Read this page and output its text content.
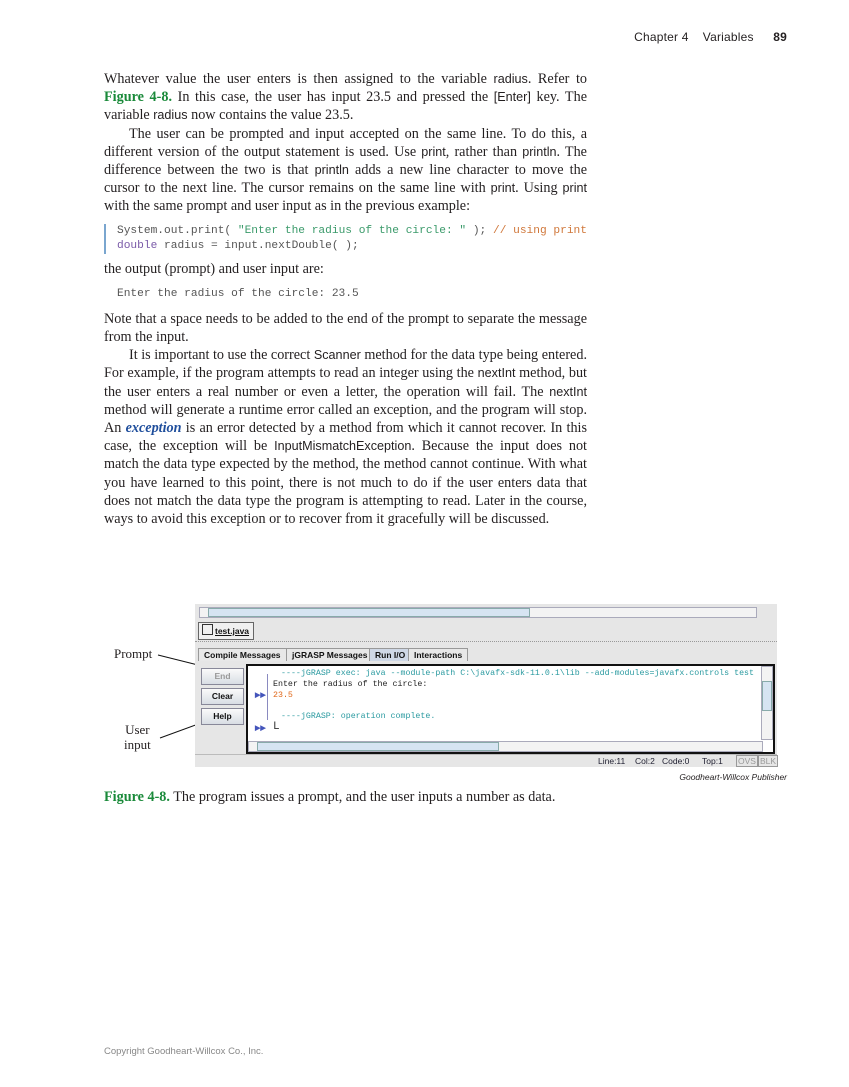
Chapter 4 Variables 89

Whatever value the user enters is then assigned to the variable radius. Refer to Figure 4-8. In this case, the user has input 23.5 and pressed the [Enter] key. The variable radius now contains the value 23.5.

The user can be prompted and input accepted on the same line. To do this, a different version of the output statement is used. Use print, rather than println. The difference between the two is that println adds a new line character to move the cursor to the next line. The cursor remains on the same line with print. Using print with the same prompt and user input as in the previous example:

System.out.print( "Enter the radius of the circle: " ); // using print
double radius = input.nextDouble( );

the output (prompt) and user input are:

Enter the radius of the circle: 23.5

Note that a space needs to be added to the end of the prompt to separate the message from the input.

It is important to use the correct Scanner method for the data type being entered. For example, if the program attempts to read an integer using the nextInt method, but the user enters a real number or even a letter, the operation will fail. The nextInt method will generate a runtime error called an exception, and the program will stop. An exception is an error detected by a method from which it cannot recover. In this case, the exception will be InputMismatchException. Because the input does not match the data type expected by the method, the method cannot continue. With what you have learned to this point, there is not much to do if the user enters data that does not match the data type the program is attempting to read. Later in the course, ways to avoid this exception or to recover from it gracefully will be discussed.

Prompt
User
input
test.java
Compile Messages	jGRASP Messages Run I/O	Interactions
End
Clear
Help
----jGRASP exec: java --module-path C:\javafx-sdk-11.0.1\lib --add-modules=javafx.controls test
Enter the radius of the circle:
▶▶ 23.5
----jGRASP: operation complete.
▶▶ L
Line:11 Col:2 Code:0 Top:1 OVS BLK
Goodheart-Willcox Publisher
Figure 4-8. The program issues a prompt, and the user inputs a number as data.
Copyright Goodheart-Willcox Co., Inc.
